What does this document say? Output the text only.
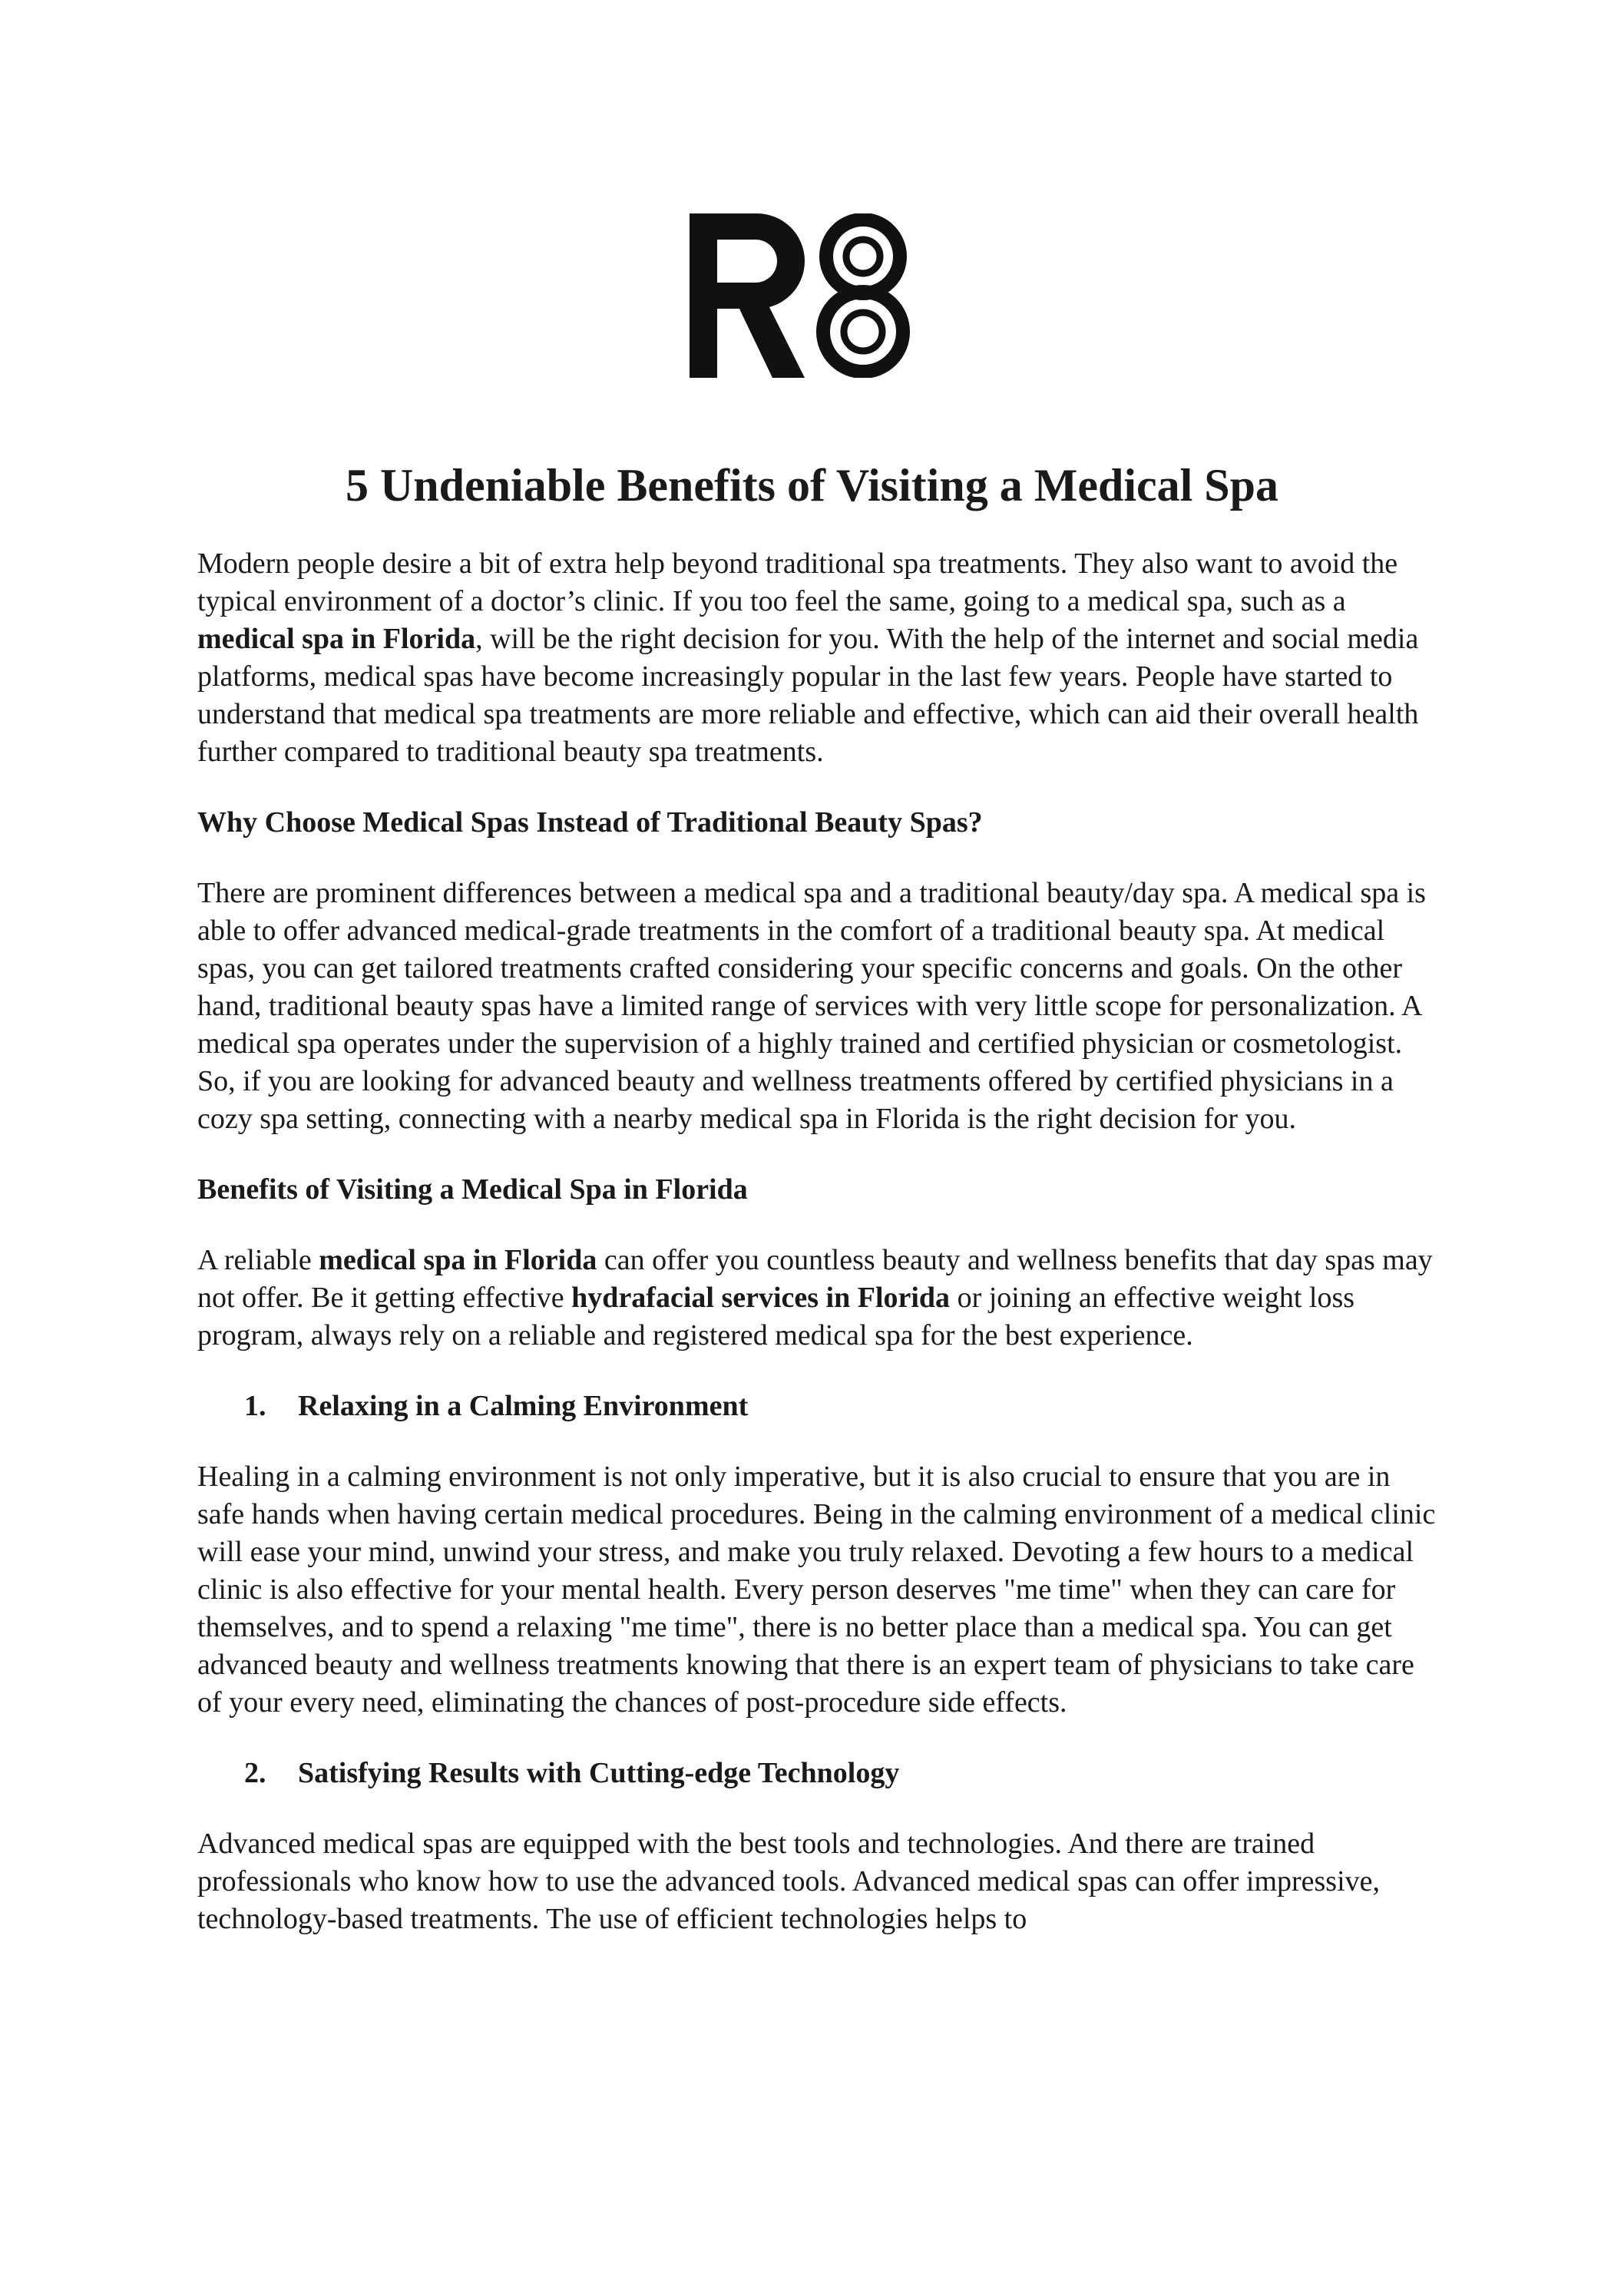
5 Undeniable Benefits of Visiting a Medical Spa

Modern people desire a bit of extra help beyond traditional spa treatments. They also want to avoid the typical environment of a doctor’s clinic. If you too feel the same, going to a medical spa, such as a medical spa in Florida, will be the right decision for you. With the help of the internet and social media platforms, medical spas have become increasingly popular in the last few years. People have started to understand that medical spa treatments are more reliable and effective, which can aid their overall health further compared to traditional beauty spa treatments.

Why Choose Medical Spas Instead of Traditional Beauty Spas?

There are prominent differences between a medical spa and a traditional beauty/day spa. A medical spa is able to offer advanced medical-grade treatments in the comfort of a traditional beauty spa. At medical spas, you can get tailored treatments crafted considering your specific concerns and goals. On the other hand, traditional beauty spas have a limited range of services with very little scope for personalization. A medical spa operates under the supervision of a highly trained and certified physician or cosmetologist. So, if you are looking for advanced beauty and wellness treatments offered by certified physicians in a cozy spa setting, connecting with a nearby medical spa in Florida is the right decision for you.

Benefits of Visiting a Medical Spa in Florida

A reliable medical spa in Florida can offer you countless beauty and wellness benefits that day spas may not offer. Be it getting effective hydrafacial services in Florida or joining an effective weight loss program, always rely on a reliable and registered medical spa for the best experience.

1. Relaxing in a Calming Environment

Healing in a calming environment is not only imperative, but it is also crucial to ensure that you are in safe hands when having certain medical procedures. Being in the calming environment of a medical clinic will ease your mind, unwind your stress, and make you truly relaxed. Devoting a few hours to a medical clinic is also effective for your mental health. Every person deserves "me time" when they can care for themselves, and to spend a relaxing "me time", there is no better place than a medical spa. You can get advanced beauty and wellness treatments knowing that there is an expert team of physicians to take care of your every need, eliminating the chances of post-procedure side effects.

2. Satisfying Results with Cutting-edge Technology

Advanced medical spas are equipped with the best tools and technologies. And there are trained professionals who know how to use the advanced tools. Advanced medical spas can offer impressive, technology-based treatments. The use of efficient technologies helps to
